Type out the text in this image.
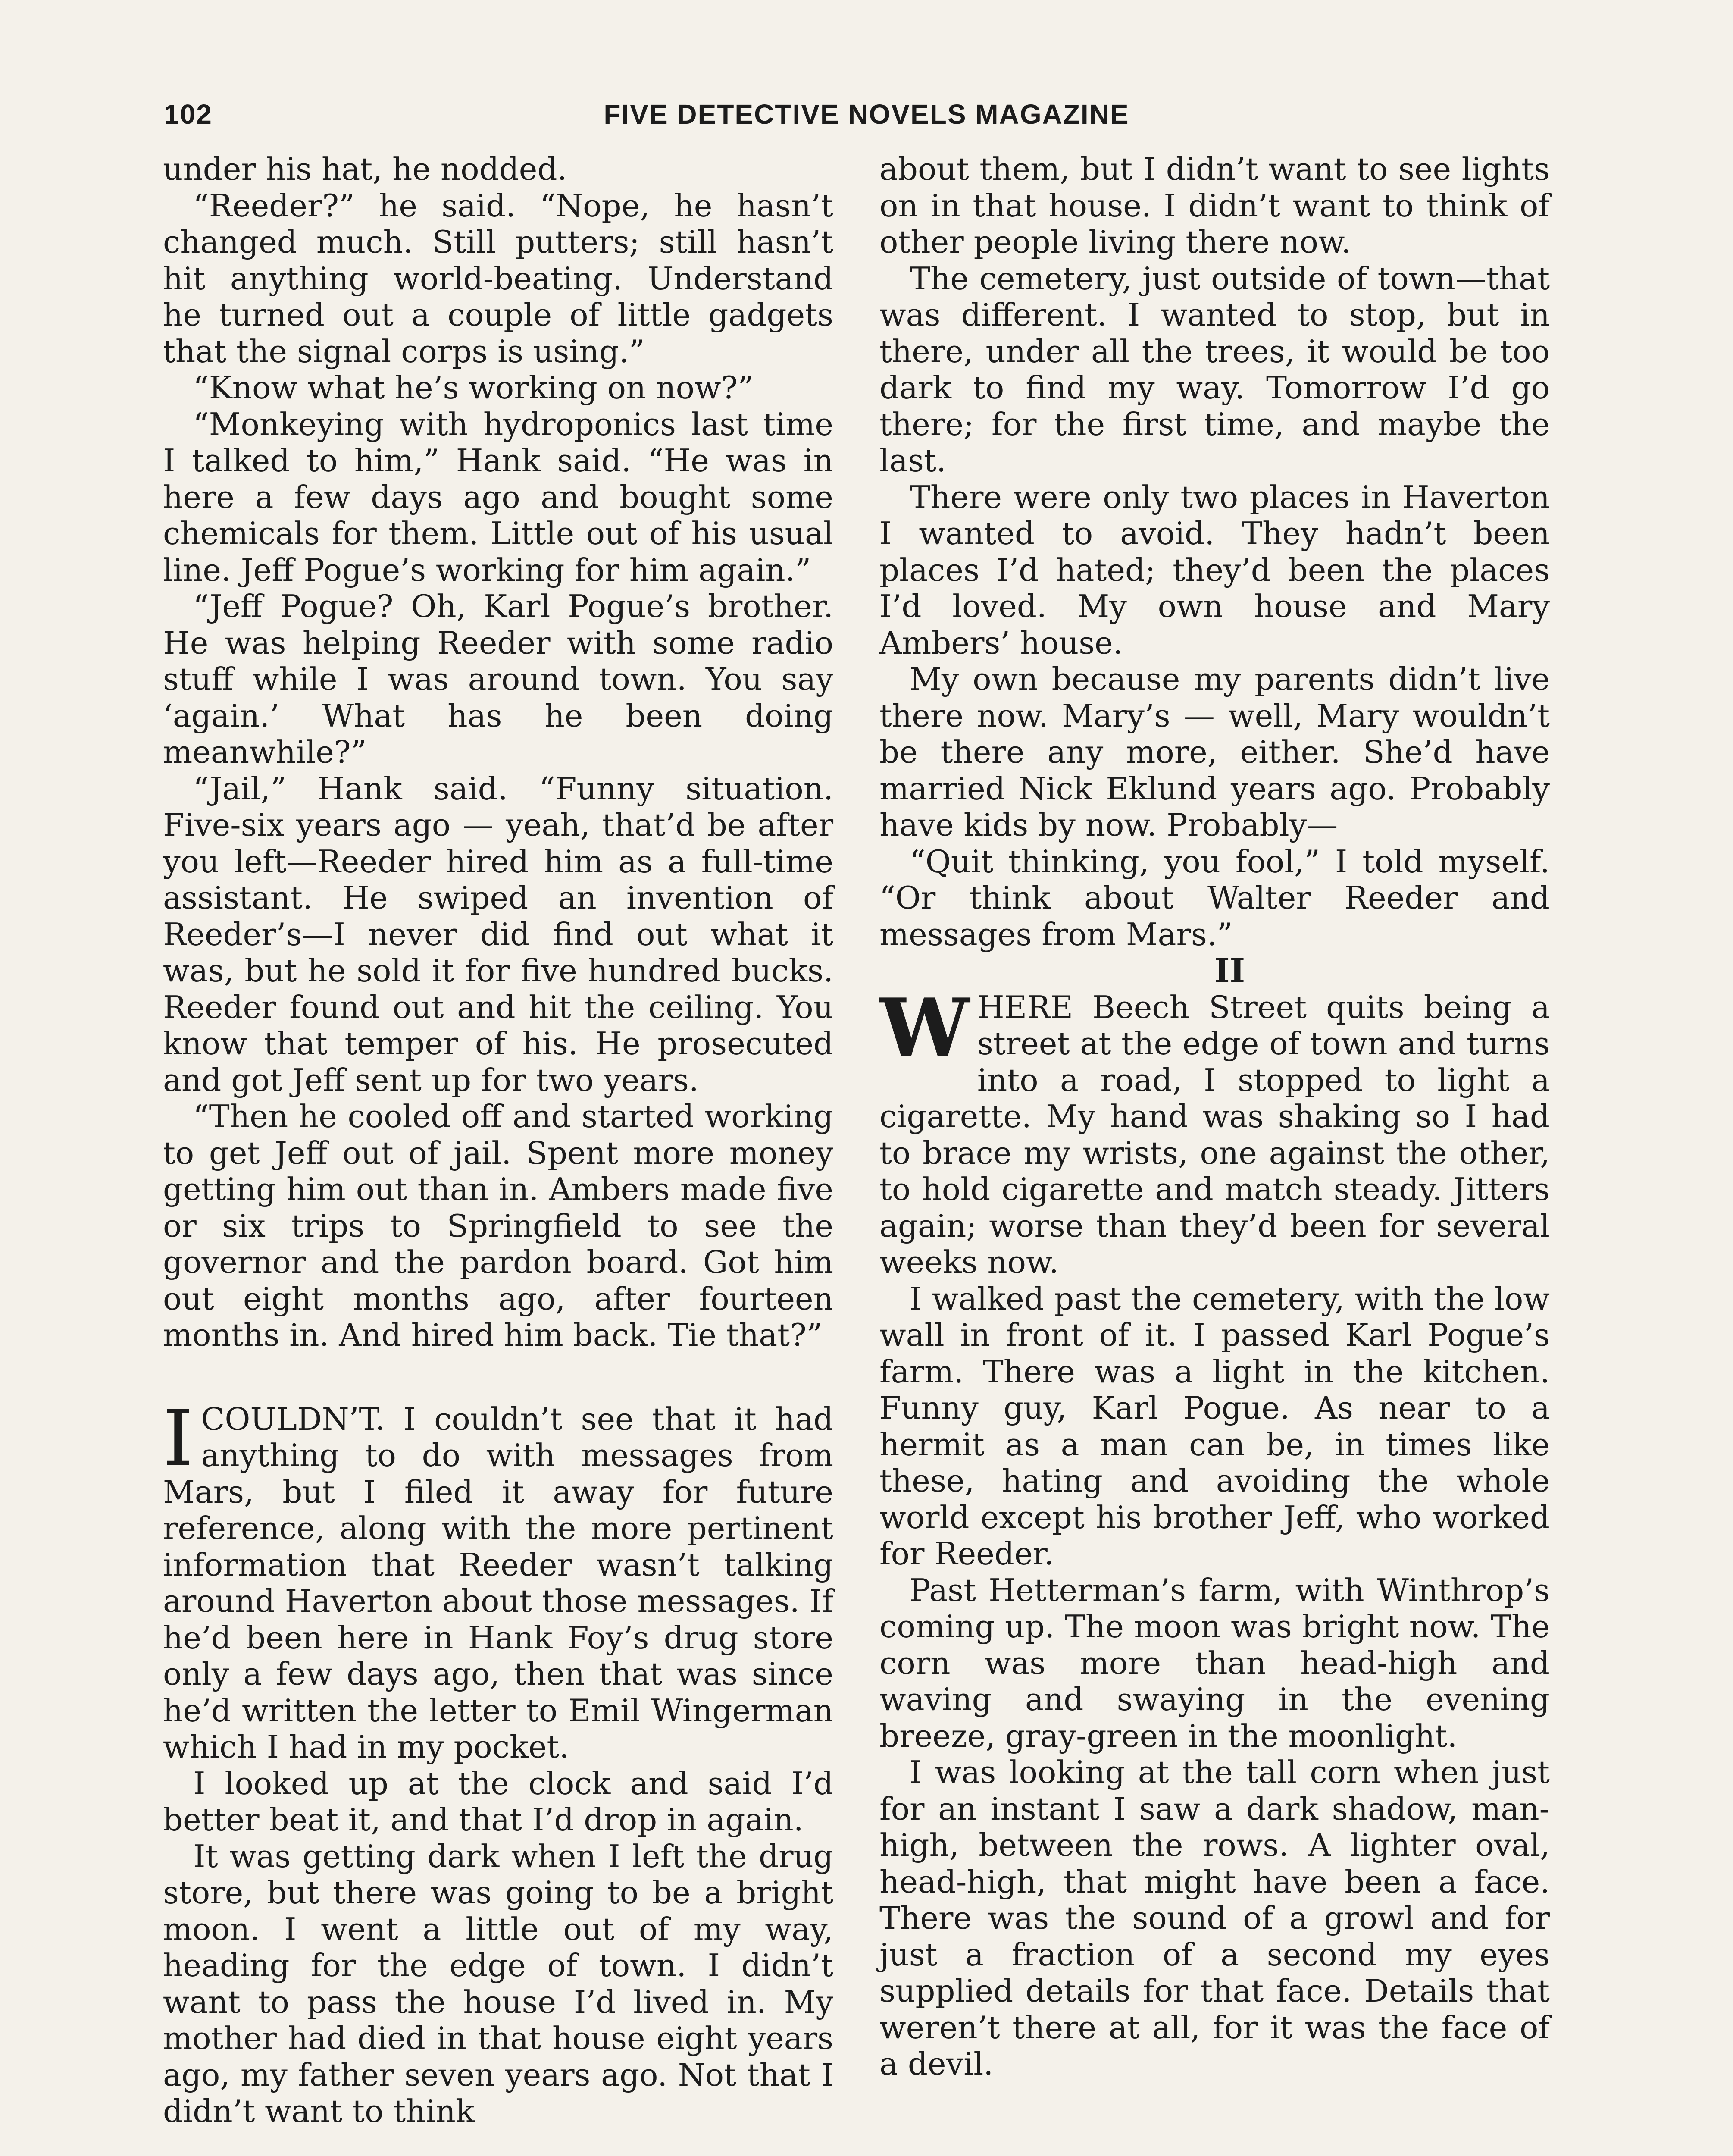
102	FIVE DETECTIVE NOVELS MAGAZINE

under his hat, he nodded.

“Reeder?” he said. “Nope, he hasn’t changed much. Still putters; still hasn’t hit anything world-beating. Understand he turned out a couple of little gadgets that the signal corps is using.”

“Know what he’s working on now?”

“Monkeying with hydroponics last time I talked to him,” Hank said. “He was in here a few days ago and bought some chemicals for them. Little out of his usual line. Jeff Pogue’s working for him again.”

“Jeff Pogue? Oh, Karl Pogue’s brother. He was helping Reeder with some radio stuff while I was around town. You say ‘again.’ What has he been doing meanwhile?”

“Jail,” Hank said. “Funny situation. Five-six years ago — yeah, that’d be after you left—Reeder hired him as a full-time assistant. He swiped an invention of Reeder’s—I never did find out what it was, but he sold it for five hundred bucks. Reeder found out and hit the ceiling. You know that temper of his. He prosecuted and got Jeff sent up for two years.

“Then he cooled off and started working to get Jeff out of jail. Spent more money getting him out than in. Ambers made five or six trips to Springfield to see the governor and the pardon board. Got him out eight months ago, after fourteen months in. And hired him back. Tie that?”

ICOULDN’T. I couldn’t see that it had anything to do with messages from Mars, but I filed it away for future reference, along with the more pertinent information that Reeder wasn’t talking around Haverton about those messages. If he’d been here in Hank Foy’s drug store only a few days ago, then that was since he’d written the letter to Emil Wingerman which I had in my pocket.

I looked up at the clock and said I’d better beat it, and that I’d drop in again.

It was getting dark when I left the drug store, but there was going to be a bright moon. I went a little out of my way, heading for the edge of town. I didn’t want to pass the house I’d lived in. My mother had died in that house eight years ago, my father seven years ago. Not that I didn’t want to think

about them, but I didn’t want to see lights on in that house. I didn’t want to think of other people living there now.

The cemetery, just outside of town—that was different. I wanted to stop, but in there, under all the trees, it would be too dark to find my way. Tomorrow I’d go there; for the first time, and maybe the last.

There were only two places in Haverton I wanted to avoid. They hadn’t been places I’d hated; they’d been the places I’d loved. My own house and Mary Ambers’ house.

My own because my parents didn’t live there now. Mary’s — well, Mary wouldn’t be there any more, either. She’d have married Nick Eklund years ago. Probably have kids by now. Probably—

“Quit thinking, you fool,” I told myself. “Or think about Walter Reeder and messages from Mars.”

II

WHERE Beech Street quits being a street at the edge of town and turns into a road, I stopped to light a cigarette. My hand was shaking so I had to brace my wrists, one against the other, to hold cigarette and match steady. Jitters again; worse than they’d been for several weeks now.

I walked past the cemetery, with the low wall in front of it. I passed Karl Pogue’s farm. There was a light in the kitchen. Funny guy, Karl Pogue. As near to a hermit as a man can be, in times like these, hating and avoiding the whole world except his brother Jeff, who worked for Reeder.

Past Hetterman’s farm, with Winthrop’s coming up. The moon was bright now. The corn was more than head-high and waving and swaying in the evening breeze, gray-green in the moonlight.

I was looking at the tall corn when just for an instant I saw a dark shadow, man-high, between the rows. A lighter oval, head-high, that might have been a face. There was the sound of a growl and for just a fraction of a second my eyes supplied details for that face. Details that weren’t there at all, for it was the face of a devil.
